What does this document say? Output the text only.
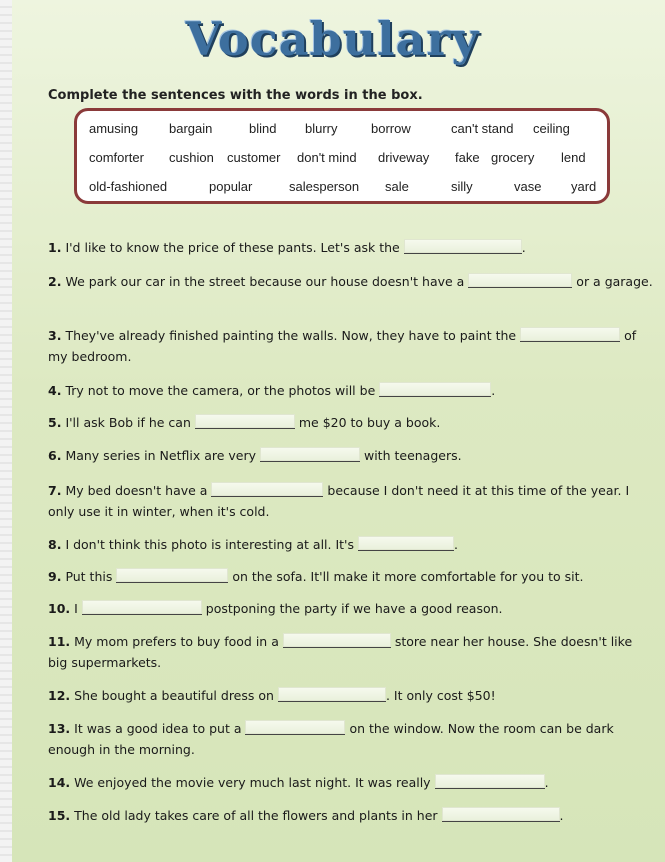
Vocabulary
Complete the sentences with the words in the box.
amusing bargain	blind blurry	borrow	can't stand ceiling
comforter cushion customer don't mind driveway fake grocery lend
old-fashioned	popular	salesperson sale	silly	vase yard
1. I'd like to know the price of these pants. Let's ask the	.
2. We park our car in the street because our house doesn't have a	or a garage.
3. They've already finished painting the walls. Now, they have to paint the	of my bedroom.
4. Try not to move the camera, or the photos will be	.
5. I'll ask Bob if he can	me $20 to buy a book.
6. Many series in Netflix are very	with teenagers.
7. My bed doesn't have a	because I don't need it at this time of the year. I only use it in winter, when it's cold.
8. I don't think this photo is interesting at all. It's	.
9. Put this	on the sofa. It'll make it more comfortable for you to sit.
10. I	postponing the party if we have a good reason.
11. My mom prefers to buy food in a	store near her house. She doesn't like big supermarkets.
12. She bought a beautiful dress on	. It only cost $50!
13. It was a good idea to put a	on the window. Now the room can be dark enough in the morning.
14. We enjoyed the movie very much last night. It was really	.
15. The old lady takes care of all the flowers and plants in her	.
